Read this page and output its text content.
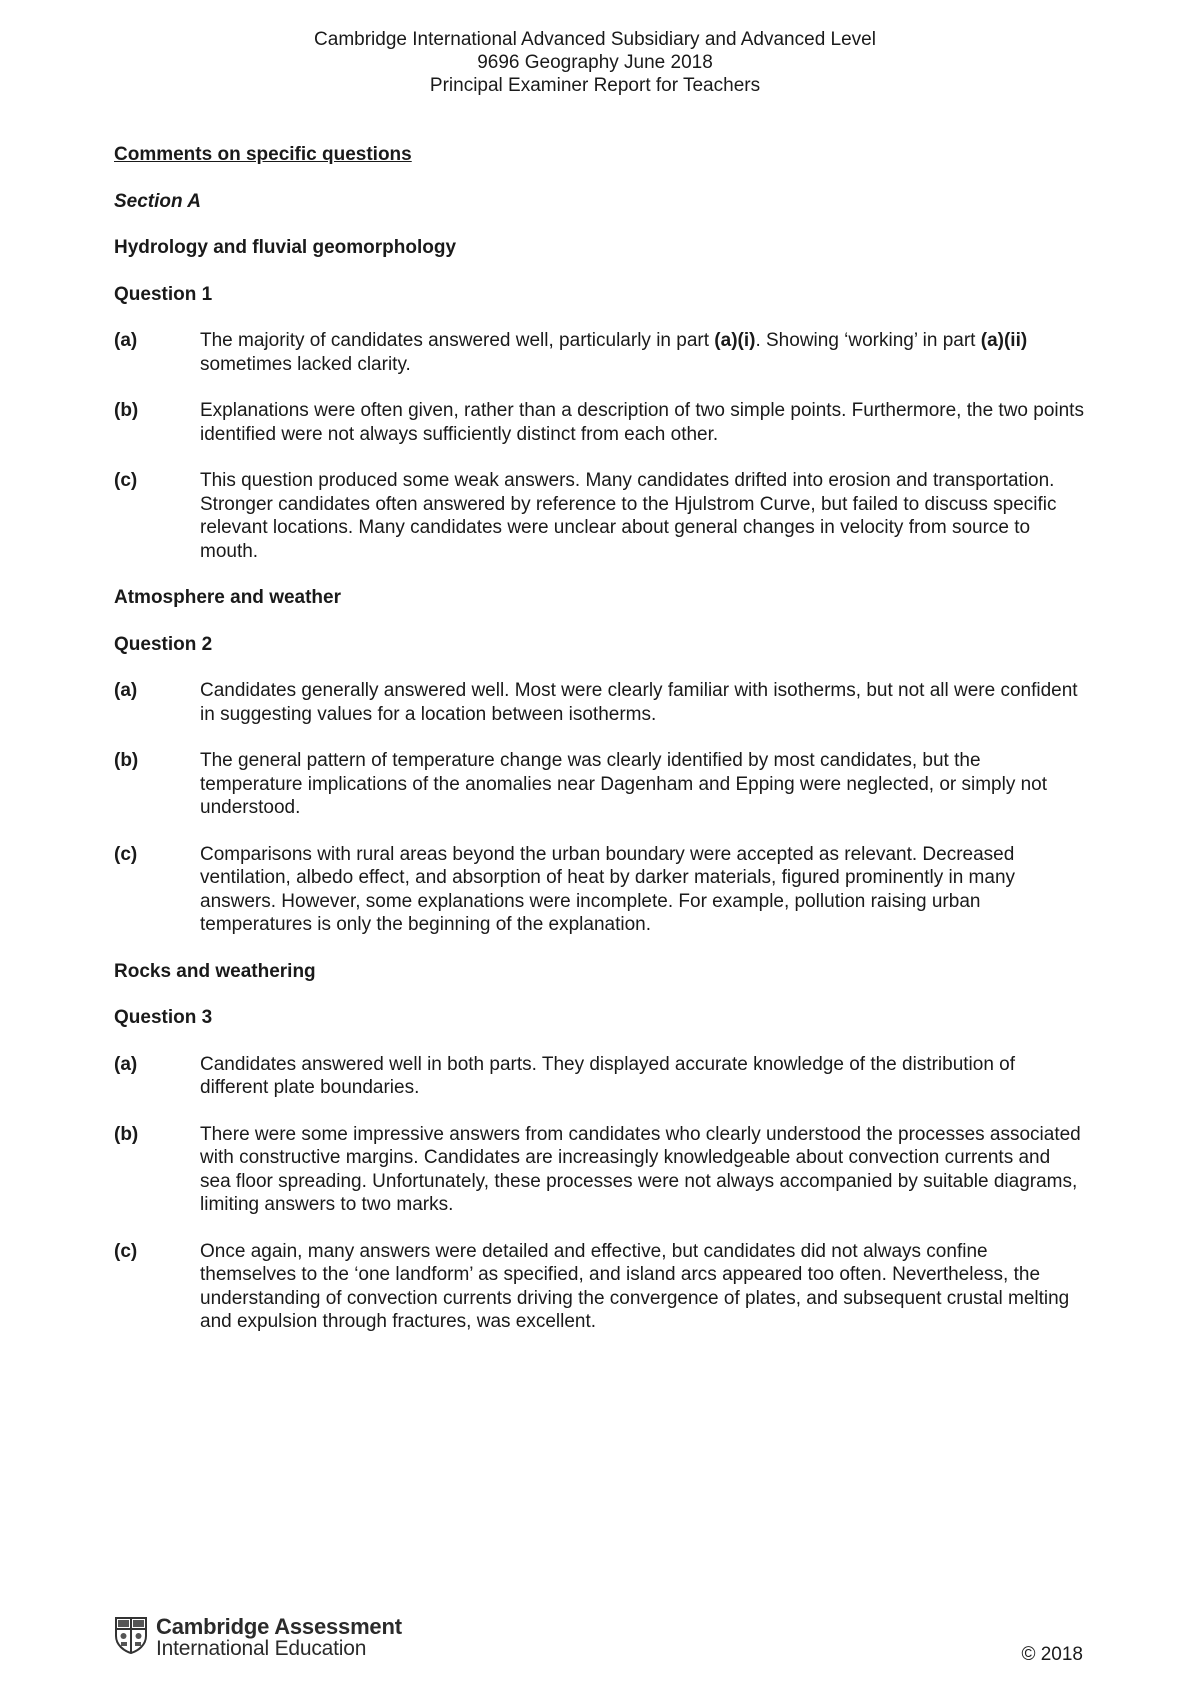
Cambridge International Advanced Subsidiary and Advanced Level
9696 Geography June 2018
Principal Examiner Report for Teachers
Comments on specific questions
Section A
Hydrology and fluvial geomorphology
Question 1
(a)	The majority of candidates answered well, particularly in part (a)(i). Showing ‘working’ in part (a)(ii) sometimes lacked clarity.
(b)	Explanations were often given, rather than a description of two simple points. Furthermore, the two points identified were not always sufficiently distinct from each other.
(c)	This question produced some weak answers. Many candidates drifted into erosion and transportation. Stronger candidates often answered by reference to the Hjulstrom Curve, but failed to discuss specific relevant locations. Many candidates were unclear about general changes in velocity from source to mouth.
Atmosphere and weather
Question 2
(a)	Candidates generally answered well. Most were clearly familiar with isotherms, but not all were confident in suggesting values for a location between isotherms.
(b)	The general pattern of temperature change was clearly identified by most candidates, but the temperature implications of the anomalies near Dagenham and Epping were neglected, or simply not understood.
(c)	Comparisons with rural areas beyond the urban boundary were accepted as relevant. Decreased ventilation, albedo effect, and absorption of heat by darker materials, figured prominently in many answers. However, some explanations were incomplete. For example, pollution raising urban temperatures is only the beginning of the explanation.
Rocks and weathering
Question 3
(a)	Candidates answered well in both parts. They displayed accurate knowledge of the distribution of different plate boundaries.
(b)	There were some impressive answers from candidates who clearly understood the processes associated with constructive margins. Candidates are increasingly knowledgeable about convection currents and sea floor spreading. Unfortunately, these processes were not always accompanied by suitable diagrams, limiting answers to two marks.
(c)	Once again, many answers were detailed and effective, but candidates did not always confine themselves to the ‘one landform’ as specified, and island arcs appeared too often. Nevertheless, the understanding of convection currents driving the convergence of plates, and subsequent crustal melting and expulsion through fractures, was excellent.
Cambridge Assessment
International Education	© 2018
